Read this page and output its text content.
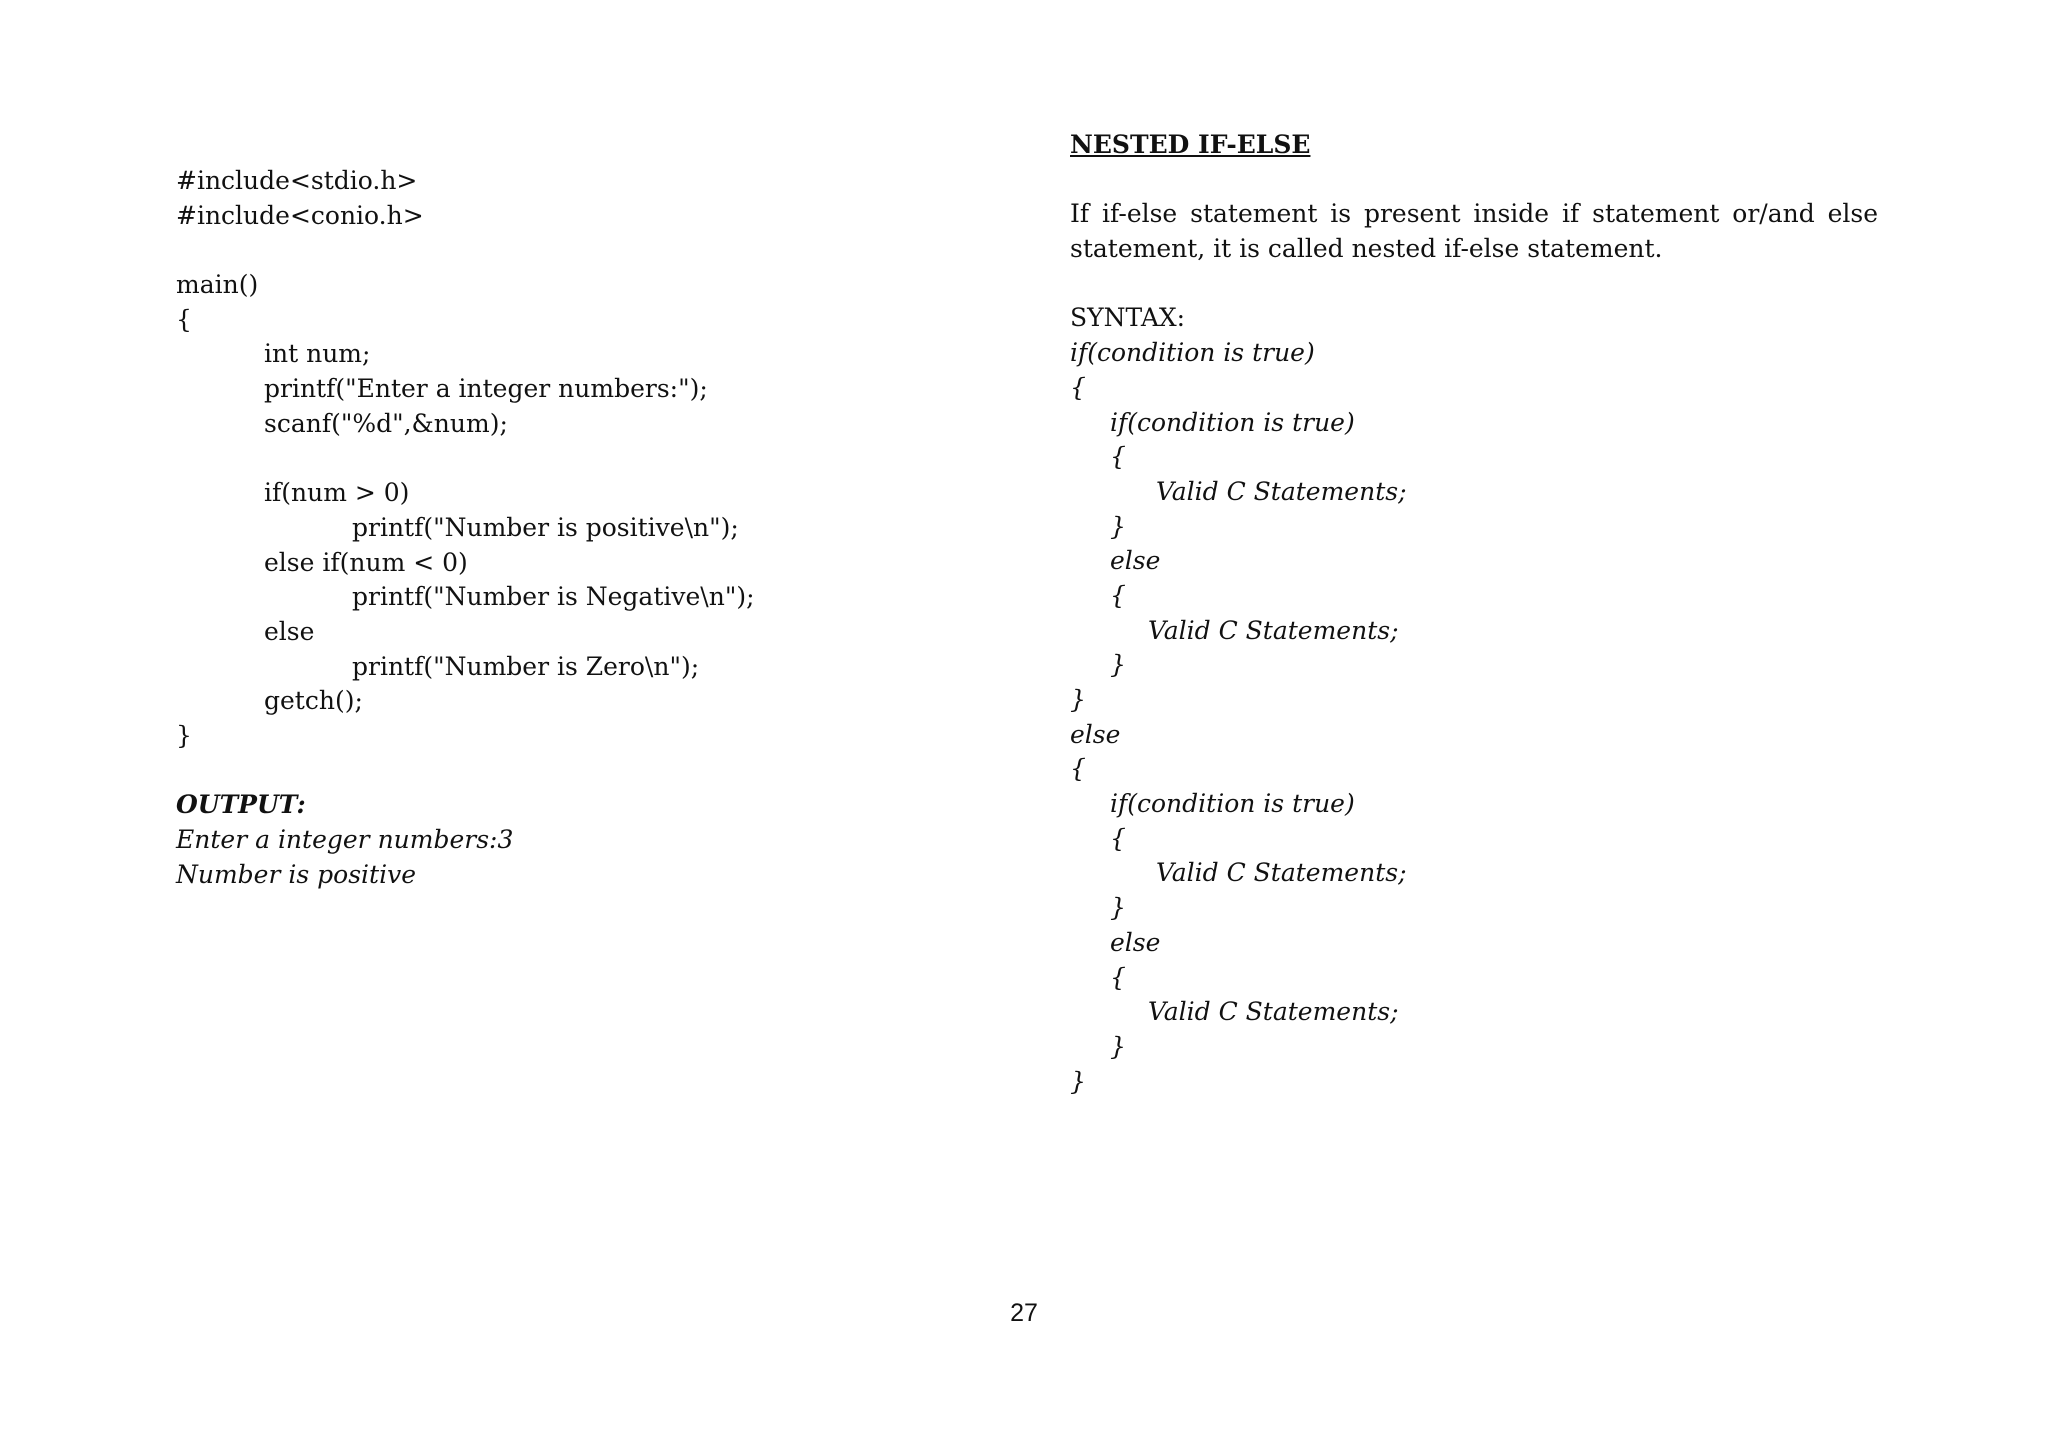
#include<stdio.h>

#include<conio.h>

main()

{

int num;

printf("Enter a integer numbers:");

scanf("%d",&num);

if(num > 0)

printf("Number is positive\n");

else if(num < 0)

printf("Number is Negative\n");

else

printf("Number is Zero\n");

getch();

}

OUTPUT:

Enter a integer numbers:3

Number is positive

NESTED IF-ELSE

If if-else statement is present inside if statement or/and else statement, it is called nested if-else statement.

SYNTAX:

if(condition is true)

{

if(condition is true)

{

Valid C Statements;

}

else

{

Valid C Statements;

}

}

else

{

if(condition is true)

{

Valid C Statements;

}

else

{

Valid C Statements;

}

}

27
